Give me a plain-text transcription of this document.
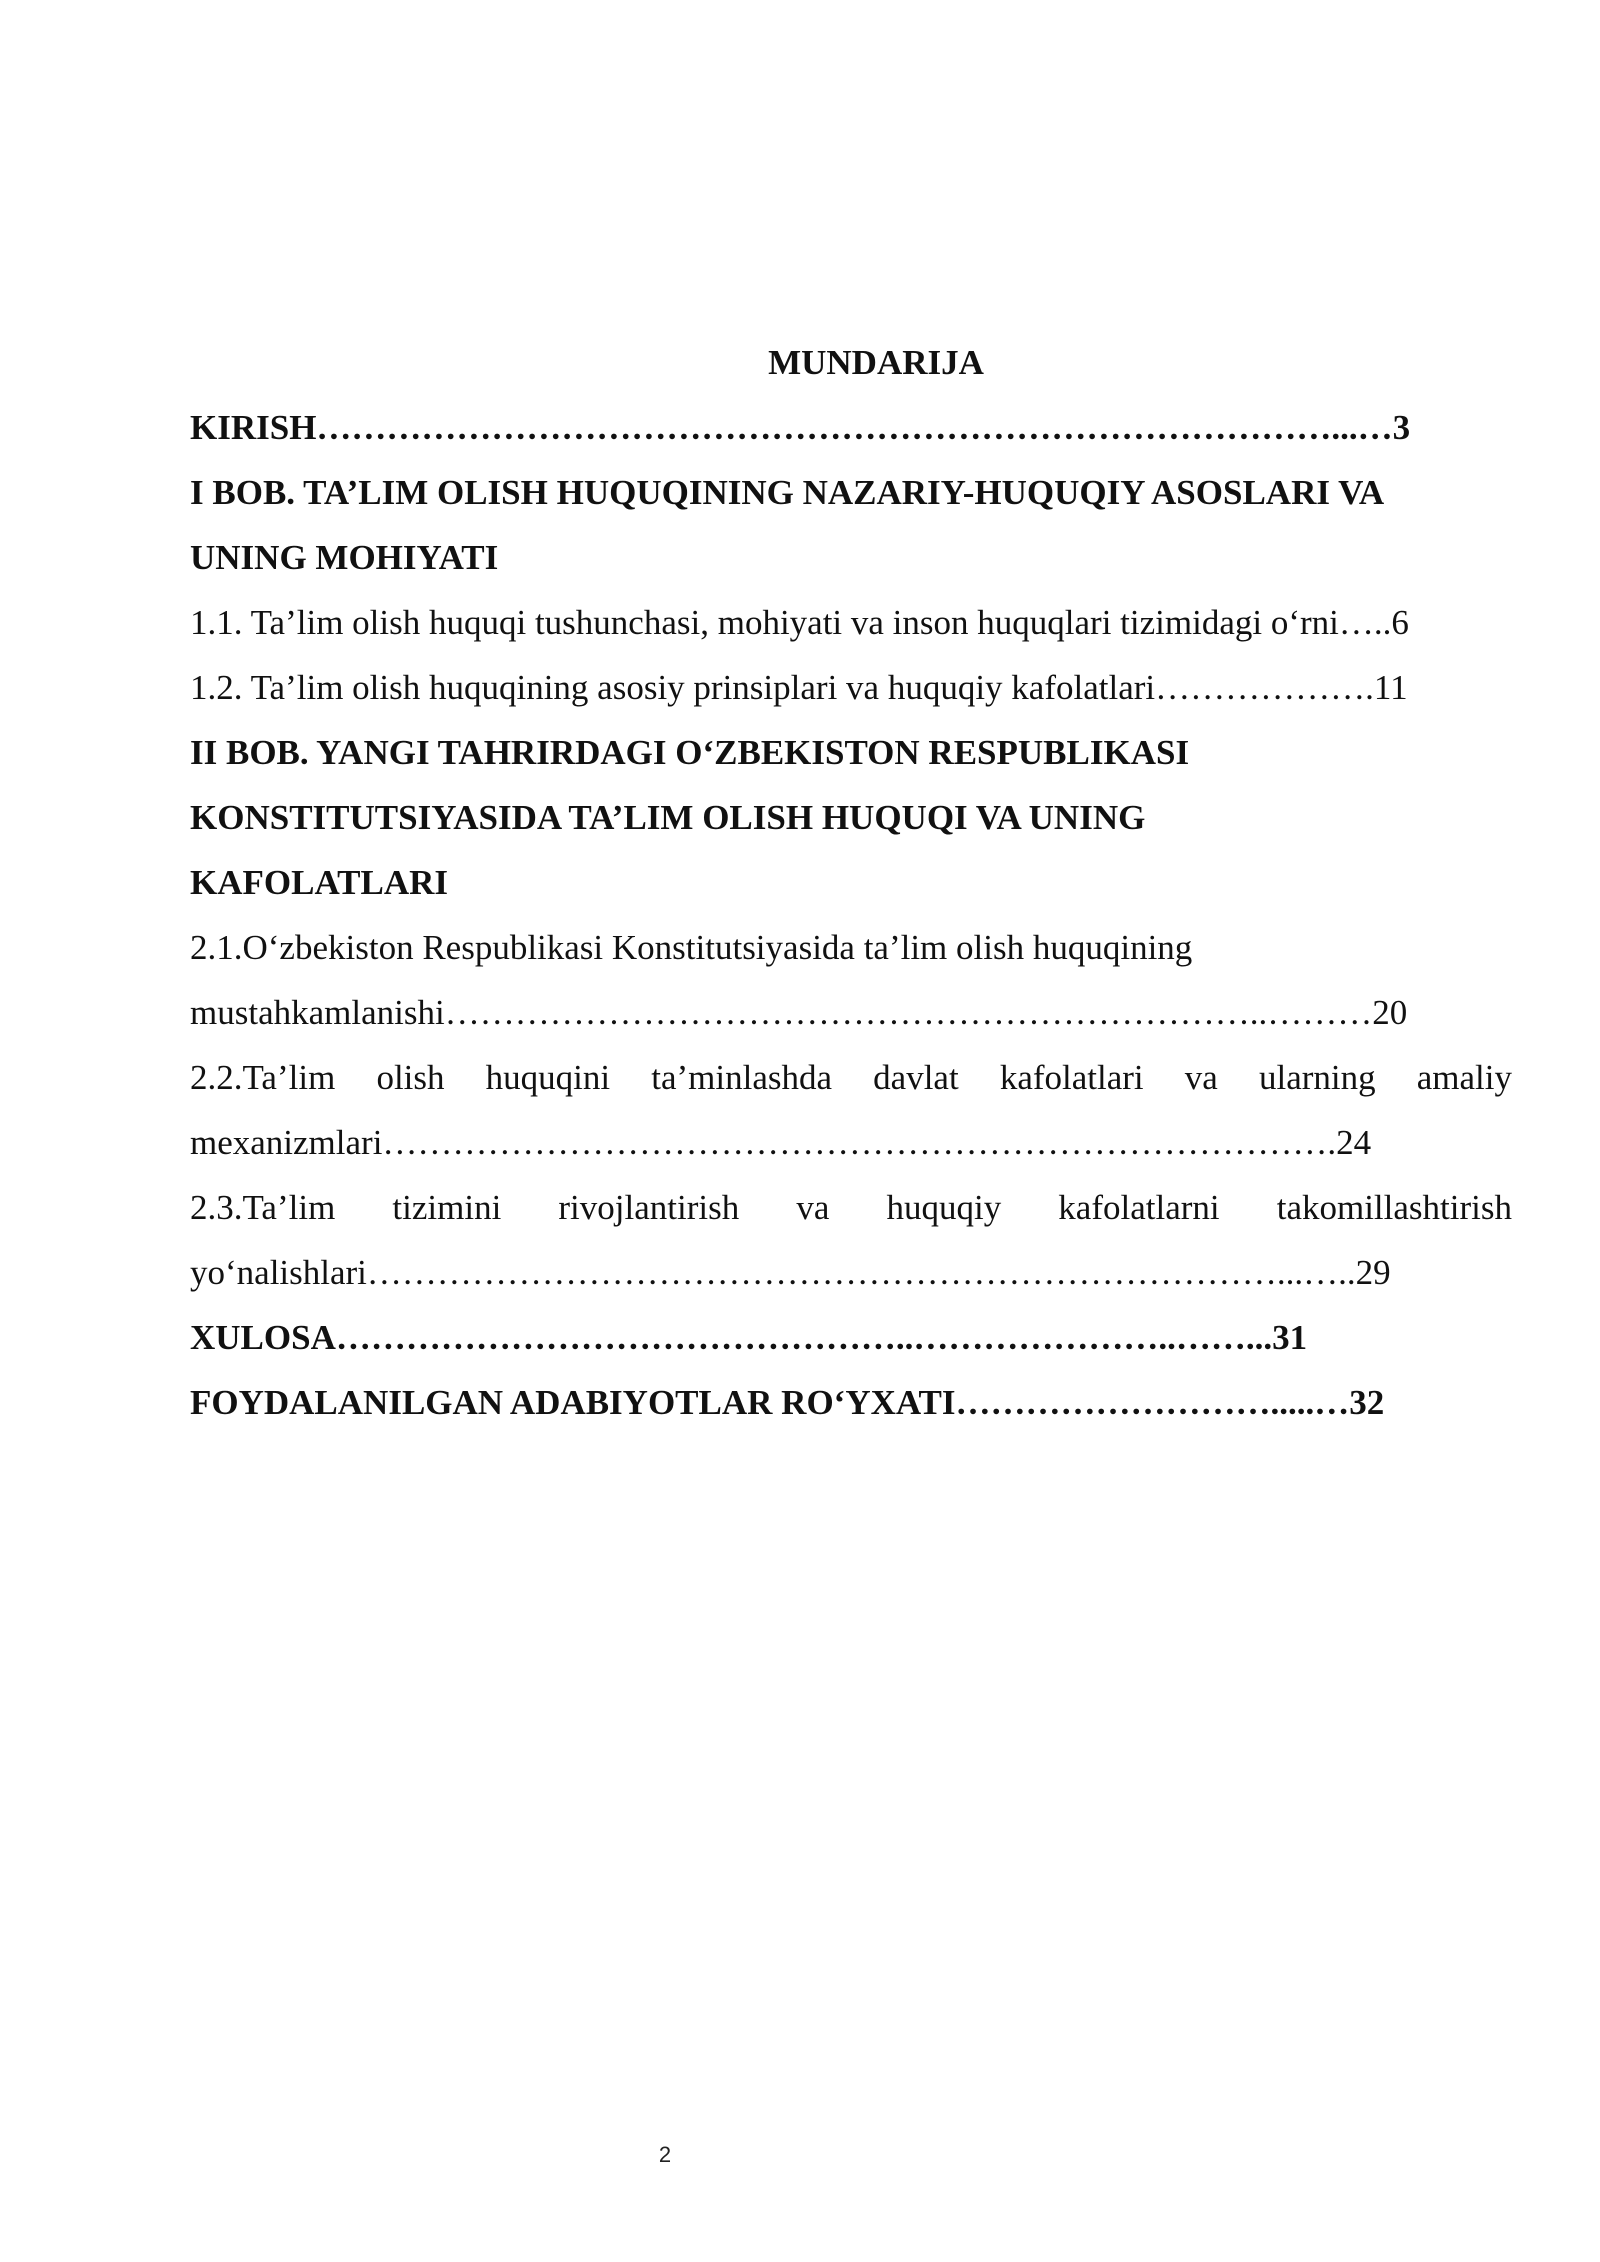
MUNDARIJA
KIRISH……………………………………………………………………………...…3
I BOB. TA’LIM OLISH HUQUQINING NAZARIY-HUQUQIY ASOSLARI VA
UNING MOHIYATI
1.1. Ta’lim olish huquqi tushunchasi, mohiyati va inson huquqlari tizimidagi o‘rni…..6
1.2. Ta’lim olish huquqining asosiy prinsiplari va huquqiy kafolatlari……………….11
II BOB. YANGI TAHRIRDAGI O‘ZBEKISTON RESPUBLIKASI
KONSTITUTSIYASIDA TA’LIM OLISH HUQUQI VA UNING
KAFOLATLARI
2.1.O‘zbekiston Respublikasi Konstitutsiyasida ta’lim olish huquqining
mustahkamlanishi……………………………………………………………..………20
2.2.Ta’lim olish huquqini ta’minlashda davlat kafolatlari va ularning amaliy
mexanizmlari……………………………………………………………………….24
2.3.Ta’lim tizimini rivojlantirish va huquqiy kafolatlarni takomillashtirish
yo‘nalishlari……………………………………………………………………...…..29
XULOSA…………………………………………..…………………..……...31
FOYDALANILGAN ADABIYOTLAR RO‘YXATI……………………….....…32
2
